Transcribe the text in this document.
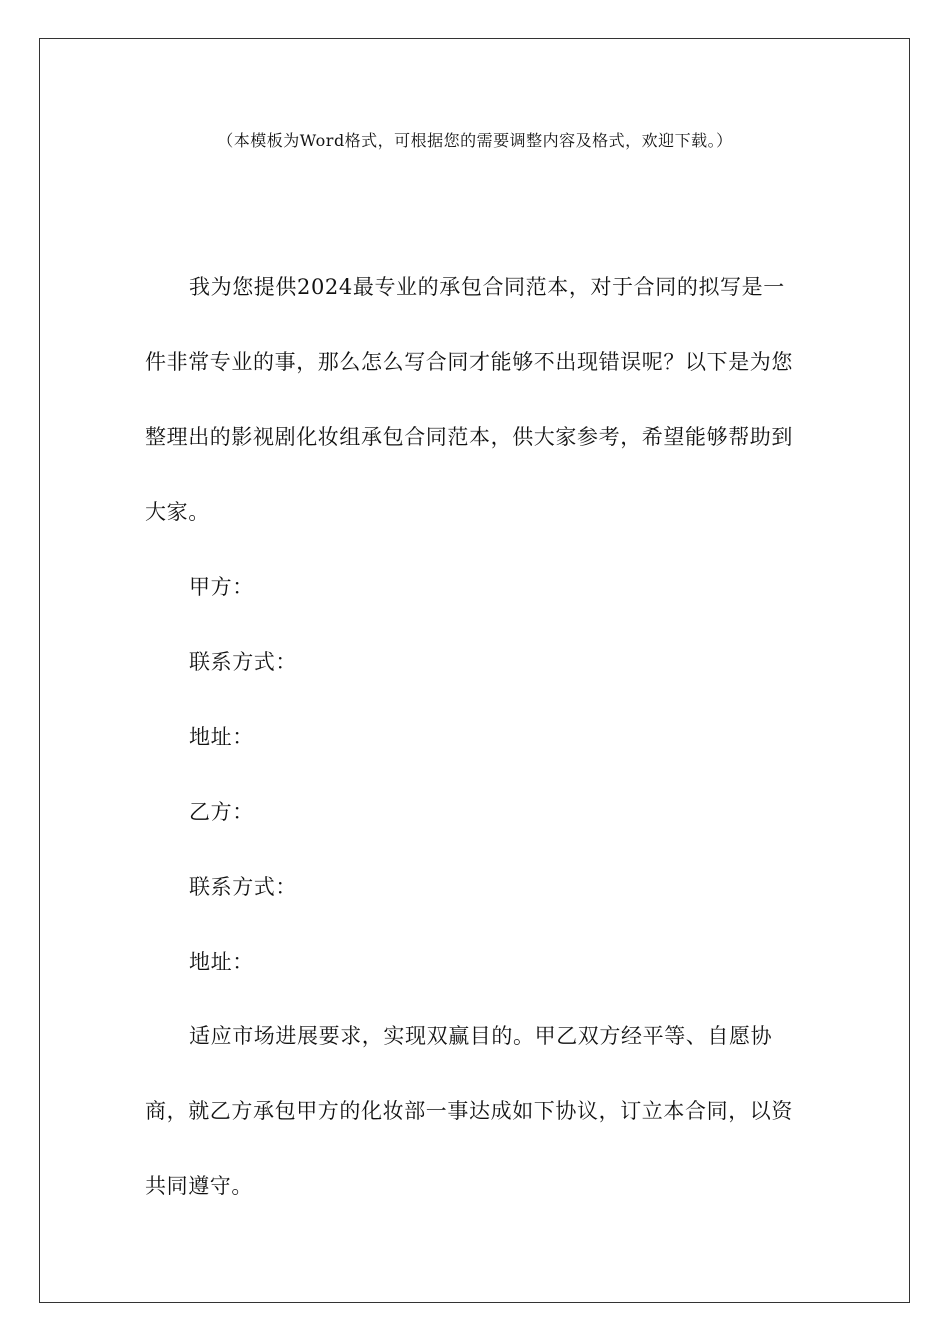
（本模板为Word格式，可根据您的需要调整内容及格式，欢迎下载。）

我为您提供2024最专业的承包合同范本，对于合同的拟写是一件非常专业的事，那么怎么写合同才能够不出现错误呢？以下是为您整理出的影视剧化妆组承包合同范本，供大家参考，希望能够帮助到大家。

甲方：

联系方式：

地址：

乙方：

联系方式：

地址：

适应市场进展要求，实现双赢目的。甲乙双方经平等、自愿协商，就乙方承包甲方的化妆部一事达成如下协议，订立本合同，以资共同遵守。
